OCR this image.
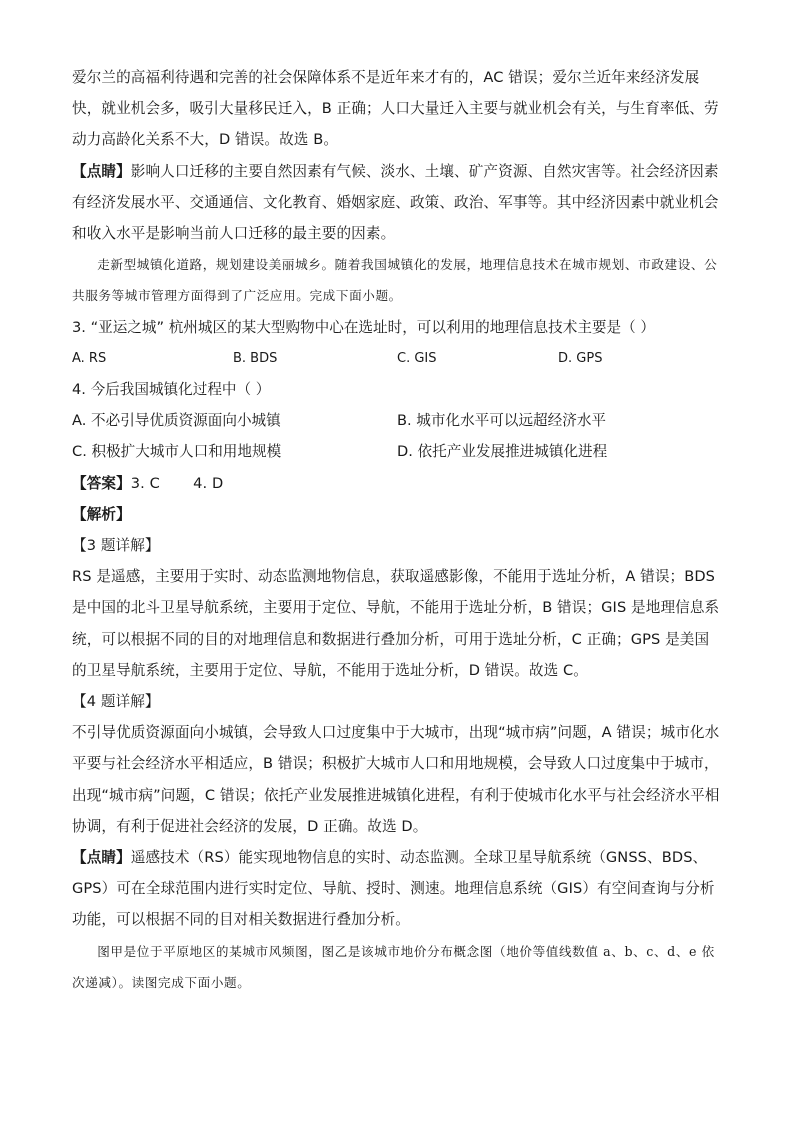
爱尔兰的高福利待遇和完善的社会保障体系不是近年来才有的，AC 错误；爱尔兰近年来经济发展快，就业机会多，吸引大量移民迁入，B 正确；人口大量迁入主要与就业机会有关，与生育率低、劳动力高龄化关系不大，D 错误。故选 B。

【点睛】影响人口迁移的主要自然因素有气候、淡水、土壤、矿产资源、自然灾害等。社会经济因素有经济发展水平、交通通信、文化教育、婚姻家庭、政策、政治、军事等。其中经济因素中就业机会和收入水平是影响当前人口迁移的最主要的因素。

走新型城镇化道路，规划建设美丽城乡。随着我国城镇化的发展，地理信息技术在城市规划、市政建设、公共服务等城市管理方面得到了广泛应用。完成下面小题。

3. “亚运之城” 杭州城区的某大型购物中心在选址时，可以利用的地理信息技术主要是（ ）

A. RS	B. BDS	C. GIS	D. GPS

4. 今后我国城镇化过程中（ ）

A. 不必引导优质资源面向小城镇	B. 城市化水平可以远超经济水平
C. 积极扩大城市人口和用地规模	D. 依托产业发展推进城镇化进程

【答案】3. C       4. D

【解析】

【3 题详解】

RS 是遥感，主要用于实时、动态监测地物信息，获取遥感影像，不能用于选址分析，A 错误；BDS 是中国的北斗卫星导航系统，主要用于定位、导航，不能用于选址分析，B 错误；GIS 是地理信息系统，可以根据不同的目的对地理信息和数据进行叠加分析，可用于选址分析，C 正确；GPS 是美国的卫星导航系统，主要用于定位、导航，不能用于选址分析，D 错误。故选 C。

【4 题详解】

不引导优质资源面向小城镇，会导致人口过度集中于大城市，出现“城市病”问题，A 错误；城市化水平要与社会经济水平相适应，B 错误；积极扩大城市人口和用地规模，会导致人口过度集中于城市，出现“城市病”问题，C 错误；依托产业发展推进城镇化进程，有利于使城市化水平与社会经济水平相协调，有利于促进社会经济的发展，D 正确。故选 D。

【点睛】遥感技术（RS）能实现地物信息的实时、动态监测。全球卫星导航系统（GNSS、BDS、GPS）可在全球范围内进行实时定位、导航、授时、测速。地理信息系统（GIS）有空间查询与分析功能，可以根据不同的目对相关数据进行叠加分析。

图甲是位于平原地区的某城市风频图，图乙是该城市地价分布概念图（地价等值线数值 a、b、c、d、e 依次递减）。读图完成下面小题。
